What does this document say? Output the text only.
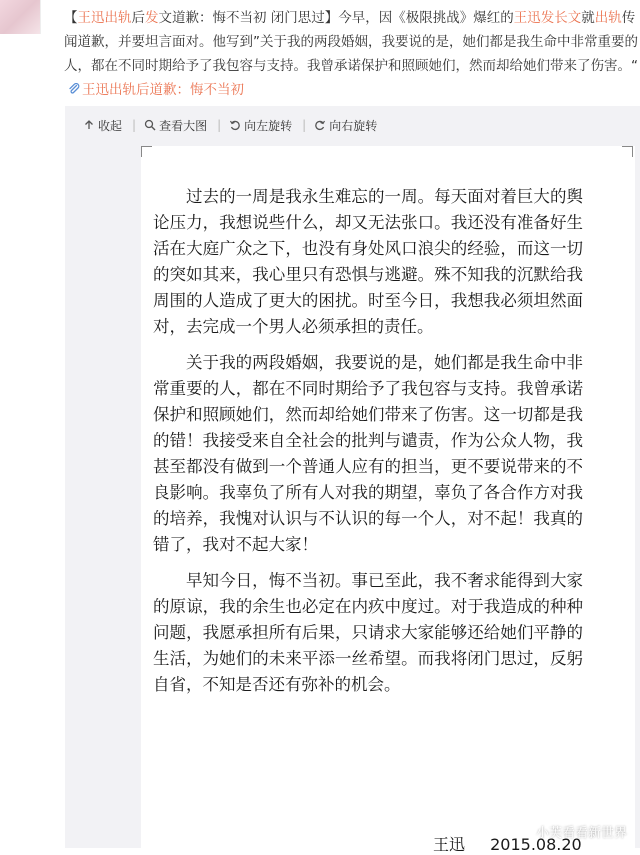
【王迅出轨后发文道歉：悔不当初 闭门思过】今早，因《极限挑战》爆红的王迅发长文就出轨传闻道歉，并要坦言面对。他写到”关于我的两段婚姻，我要说的是，她们都是我生命中非常重要的人，都在不同时期给予了我包容与支持。我曾承诺保护和照顾她们，然而却给她们带来了伤害。“王迅出轨后道歉：悔不当初
收起 | 查看大图 | 向左旋转 | 向右旋转

过去的一周是我永生难忘的一周。每天面对着巨大的舆论压力，我想说些什么，却又无法张口。我还没有准备好生活在大庭广众之下，也没有身处风口浪尖的经验，而这一切的突如其来，我心里只有恐惧与逃避。殊不知我的沉默给我周围的人造成了更大的困扰。时至今日，我想我必须坦然面对，去完成一个男人必须承担的责任。

关于我的两段婚姻，我要说的是，她们都是我生命中非常重要的人，都在不同时期给予了我包容与支持。我曾承诺保护和照顾她们，然而却给她们带来了伤害。这一切都是我的错！我接受来自全社会的批判与谴责，作为公众人物，我甚至都没有做到一个普通人应有的担当，更不要说带来的不良影响。我辜负了所有人对我的期望，辜负了各合作方对我的培养，我愧对认识与不认识的每一个人，对不起！我真的错了，我对不起大家！

早知今日，悔不当初。事已至此，我不奢求能得到大家的原谅，我的余生也必定在内疚中度过。对于我造成的种种问题，我愿承担所有后果，只请求大家能够还给她们平静的生活，为她们的未来平添一丝希望。而我将闭门思过，反躬自省，不知是否还有弥补的机会。

王迅 2015.08.20
小芙看看新世界
